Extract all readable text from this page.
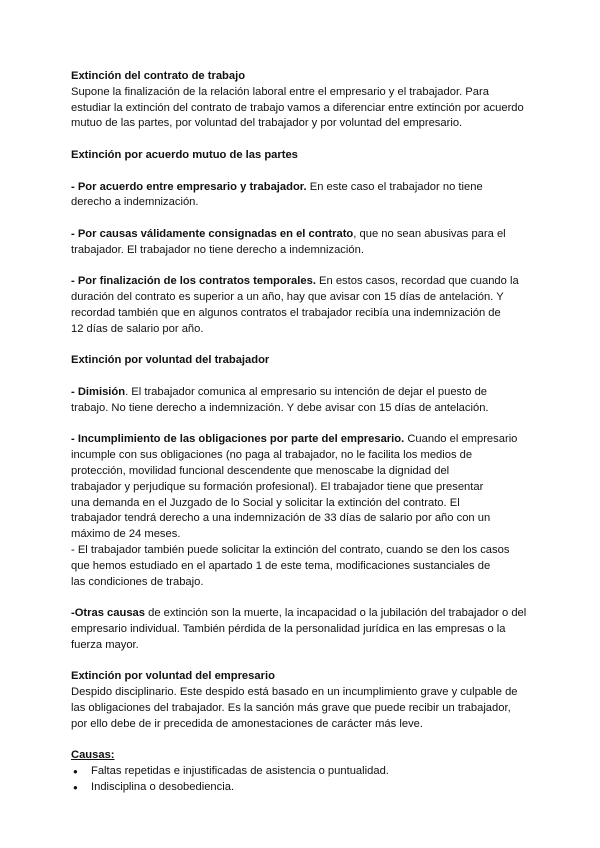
Extinción del contrato de trabajo
Supone la finalización de la relación laboral entre el empresario y el trabajador. Para
estudiar la extinción del contrato de trabajo vamos a diferenciar entre extinción por acuerdo
mutuo de las partes, por voluntad del trabajador y por voluntad del empresario.
Extinción por acuerdo mutuo de las partes
- Por acuerdo entre empresario y trabajador. En este caso el trabajador no tiene
derecho a indemnización.
- Por causas válidamente consignadas en el contrato, que no sean abusivas para el
trabajador. El trabajador no tiene derecho a indemnización.
- Por finalización de los contratos temporales. En estos casos, recordad que cuando la
duración del contrato es superior a un año, hay que avisar con 15 días de antelación. Y
recordad también que en algunos contratos el trabajador recibía una indemnización de
12 días de salario por año.
Extinción por voluntad del trabajador
- Dimisión. El trabajador comunica al empresario su intención de dejar el puesto de
trabajo. No tiene derecho a indemnización. Y debe avisar con 15 días de antelación.
- Incumplimiento de las obligaciones por parte del empresario. Cuando el empresario
incumple con sus obligaciones (no paga al trabajador, no le facilita los medios de
protección, movilidad funcional descendente que menoscabe la dignidad del
trabajador y perjudique su formación profesional). El trabajador tiene que presentar
una demanda en el Juzgado de lo Social y solicitar la extinción del contrato. El
trabajador tendrá derecho a una indemnización de 33 días de salario por año con un
máximo de 24 meses.
- El trabajador también puede solicitar la extinción del contrato, cuando se den los casos
que hemos estudiado en el apartado 1 de este tema, modificaciones sustanciales de
las condiciones de trabajo.
-Otras causas de extinción son la muerte, la incapacidad o la jubilación del trabajador o del
empresario individual. También pérdida de la personalidad jurídica en las empresas o la
fuerza mayor.
Extinción por voluntad del empresario
Despido disciplinario. Este despido está basado en un incumplimiento grave y culpable de
las obligaciones del trabajador. Es la sanción más grave que puede recibir un trabajador,
por ello debe de ir precedida de amonestaciones de carácter más leve.
Causas:
● Faltas repetidas e injustificadas de asistencia o puntualidad.
● Indisciplina o desobediencia.
